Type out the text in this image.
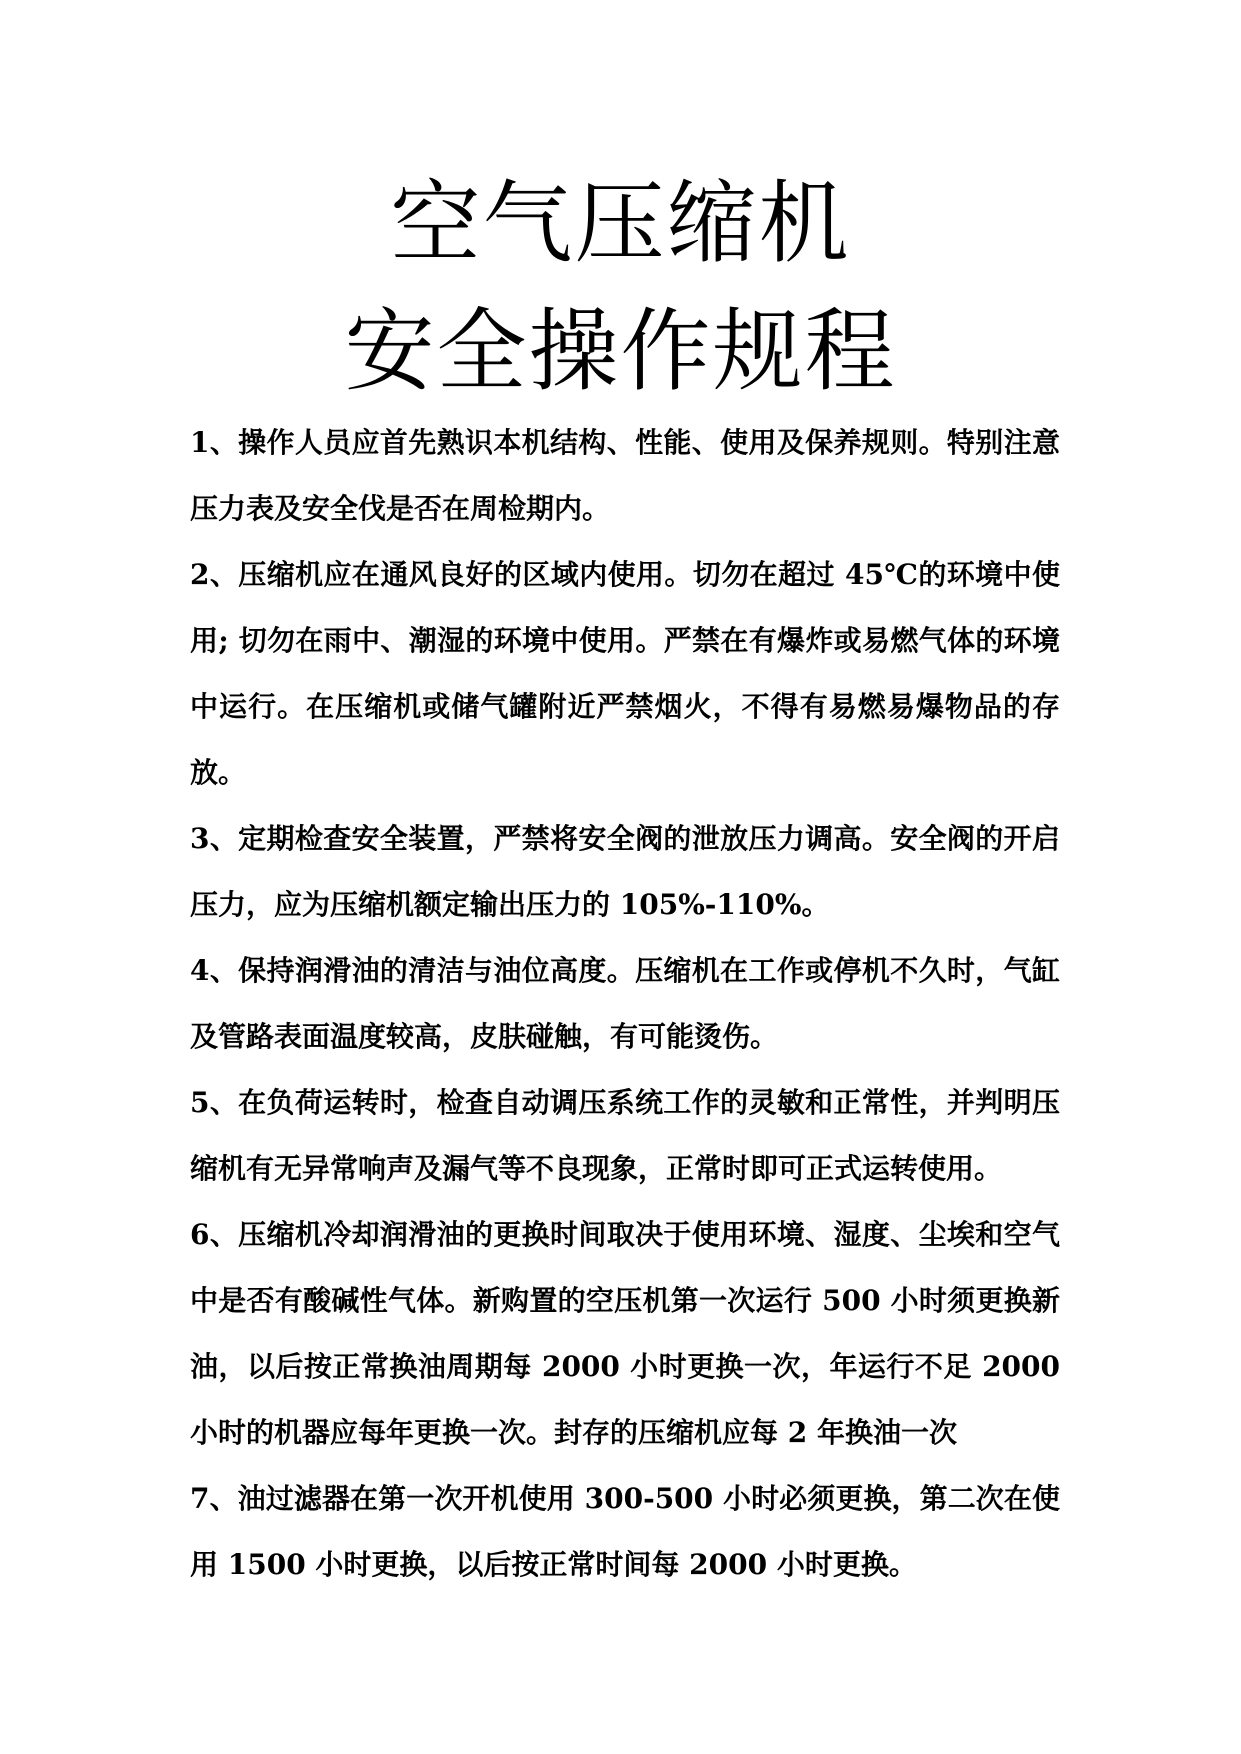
空气压缩机
安全操作规程

1、操作人员应首先熟识本机结构、性能、使用及保养规则。特别注意压力表及安全伐是否在周检期内。

2、压缩机应在通风良好的区域内使用。切勿在超过 45℃的环境中使用; 切勿在雨中、潮湿的环境中使用。严禁在有爆炸或易燃气体的环境中运行。在压缩机或储气罐附近严禁烟火，不得有易燃易爆物品的存放。

3、定期检查安全装置，严禁将安全阀的泄放压力调高。安全阀的开启压力，应为压缩机额定输出压力的 105%-110%。

4、保持润滑油的清洁与油位高度。压缩机在工作或停机不久时，气缸及管路表面温度较高，皮肤碰触，有可能烫伤。

5、在负荷运转时，检查自动调压系统工作的灵敏和正常性，并判明压缩机有无异常响声及漏气等不良现象，正常时即可正式运转使用。

6、压缩机冷却润滑油的更换时间取决于使用环境、湿度、尘埃和空气中是否有酸碱性气体。新购置的空压机第一次运行 500 小时须更换新油，以后按正常换油周期每 2000 小时更换一次，年运行不足 2000 小时的机器应每年更换一次。封存的压缩机应每 2 年换油一次

7、油过滤器在第一次开机使用 300-500 小时必须更换，第二次在使用 1500 小时更换，以后按正常时间每 2000 小时更换。
